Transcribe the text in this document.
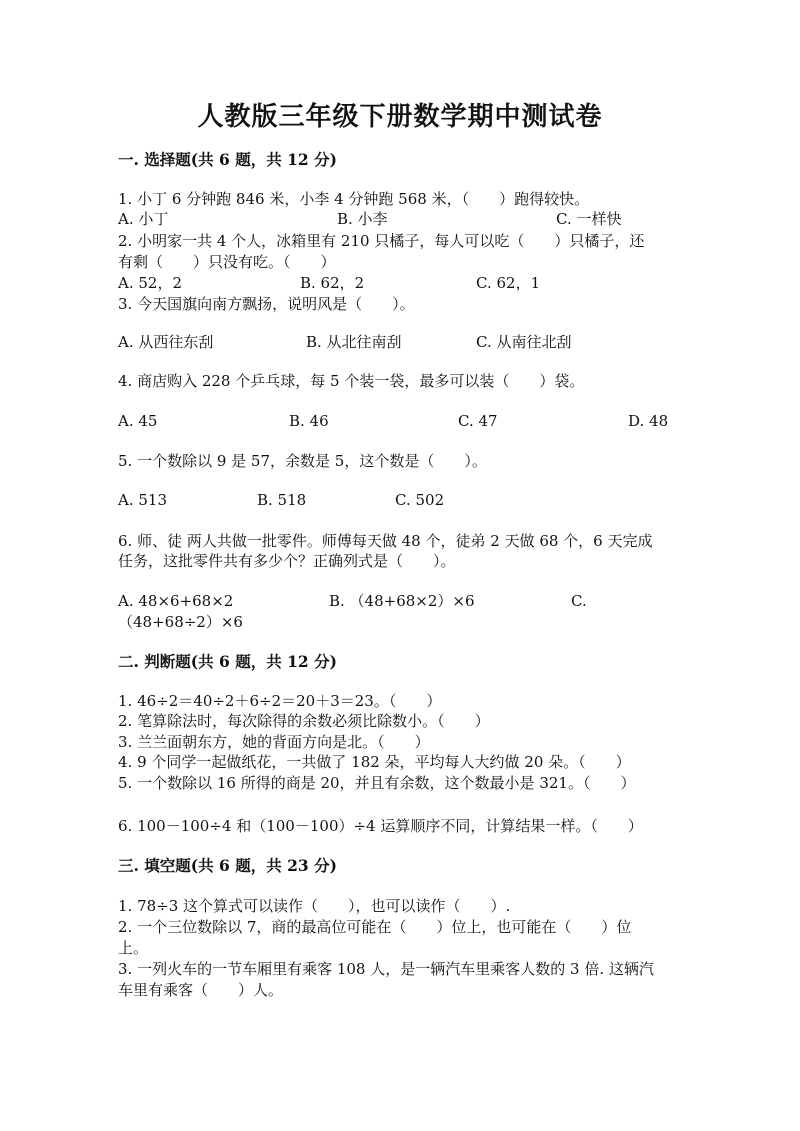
人教版三年级下册数学期中测试卷
一. 选择题(共 6 题，共 12 分)
1. 小丁 6 分钟跑 846 米，小李 4 分钟跑 568 米，（　　）跑得较快。
A. 小丁	B. 小李	C. 一样快
2. 小明家一共 4 个人，冰箱里有 210 只橘子，每人可以吃（　　）只橘子，还
有剩（　　）只没有吃。（　　）
A. 52，2	B. 62，2	C. 62，1
3. 今天国旗向南方飘扬，说明风是（　　）。
A. 从西往东刮	B. 从北往南刮	C. 从南往北刮
4. 商店购入 228 个乒乓球，每 5 个装一袋，最多可以装（　　）袋。
A. 45	B. 46	C. 47	D. 48
5. 一个数除以 9 是 57，余数是 5，这个数是（　　）。
A. 513	B. 518	C. 502
6. 师、徒 两人共做一批零件。师傅每天做 48 个，徒弟 2 天做 68 个，6 天完成
任务，这批零件共有多少个？正确列式是（　　）。
A. 48×6+68×2	B. （48+68×2）×6	C.
（48+68÷2）×6
二. 判断题(共 6 题，共 12 分)
1. 46÷2＝40÷2＋6÷2＝20＋3＝23。（　　）
2. 笔算除法时，每次除得的余数必须比除数小。（　　）
3. 兰兰面朝东方，她的背面方向是北。（　　）
4. 9 个同学一起做纸花，一共做了 182 朵，平均每人大约做 20 朵。（　　）
5. 一个数除以 16 所得的商是 20，并且有余数，这个数最小是 321。（　　）
6. 100－100÷4 和（100－100）÷4 运算顺序不同，计算结果一样。（　　）
三. 填空题(共 6 题，共 23 分)
1. 78÷3 这个算式可以读作（　　），也可以读作（　　）.
2. 一个三位数除以 7，商的最高位可能在（　　）位上，也可能在（　　）位
上。
3. 一列火车的一节车厢里有乘客 108 人，是一辆汽车里乘客人数的 3 倍. 这辆汽
车里有乘客（　　）人。
